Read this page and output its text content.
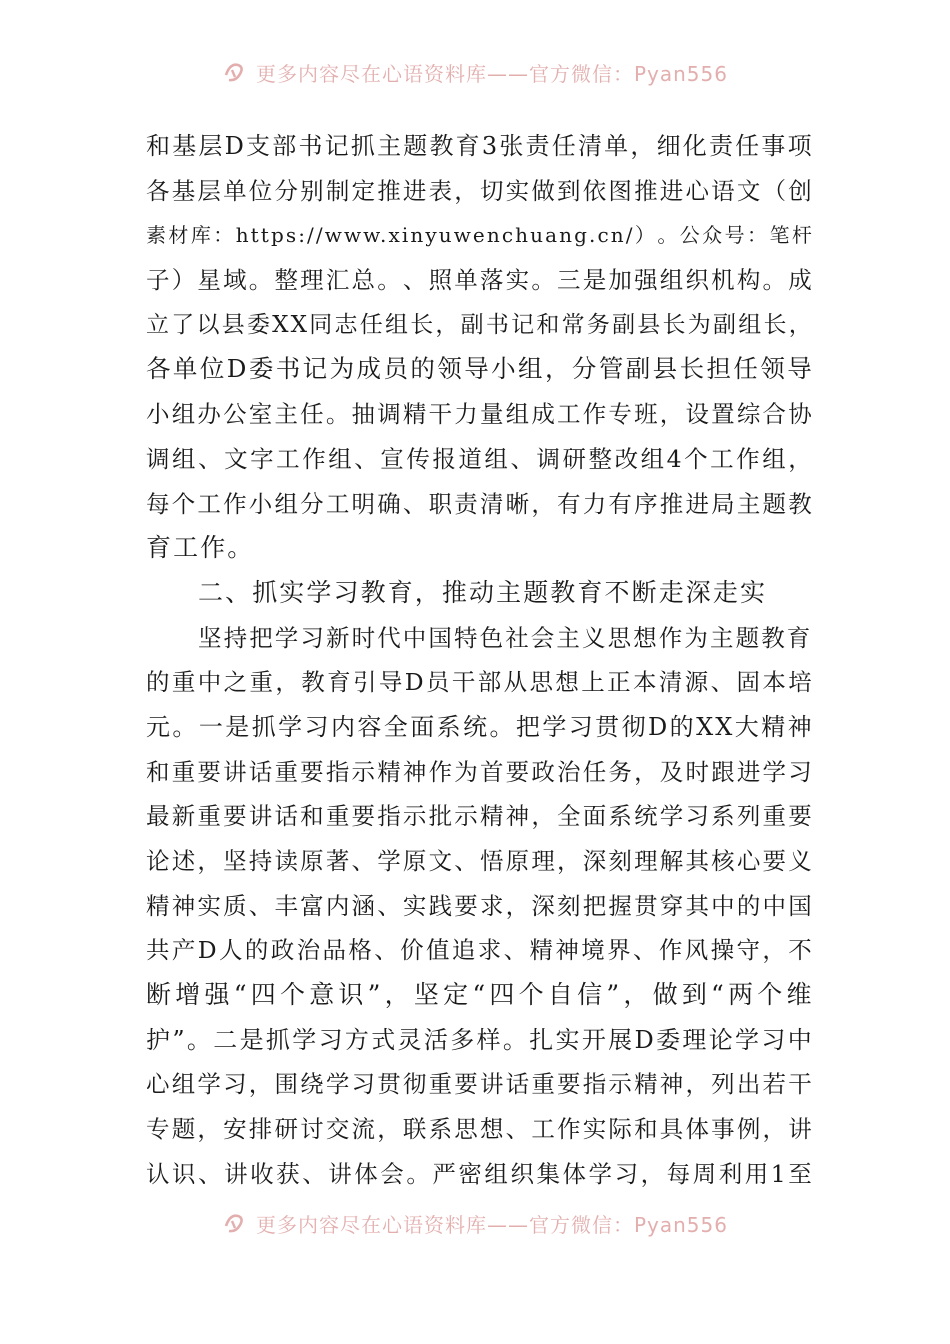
更多内容尽在心语资料库——官方微信：Pyan556
和 基 层 D 支 部 书 记 抓 主 题 教 育 3 张 责 任 清 单 ， 细 化 责 任 事 项
各 基 层 单 位 分 别 制 定 推 进 表 ， 切 实 做 到 依 图 推 进 心 语 文 （ 创
素 材 库 ： https://www.xinyuwenchuang.cn/ ） 。 公 众 号 ： 笔 杆
子 ） 星 域 。 整 理 汇 总 。 、 照 单 落 实 。 三 是 加 强 组 织 机 构 。 成
立 了 以 县 委 XX 同 志 任 组 长 ， 副 书 记 和 常 务 副 县 长 为 副 组 长 ，
各 单 位 D 委 书 记 为 成 员 的 领 导 小 组 ， 分 管 副 县 长 担 任 领 导
小 组 办 公 室 主 任 。 抽 调 精 干 力 量 组 成 工 作 专 班 ， 设 置 综 合 协
调 组 、 文 字 工 作 组 、 宣 传 报 道 组 、 调 研 整 改 组 4 个 工 作 组 ，
每 个 工 作 小 组 分 工 明 确 、 职 责 清 晰 ， 有 力 有 序 推 进 局 主 题 教
育工作。
二、抓实学习教育，推动主题教育不断走深走实
坚持把学习新时代中国特色社会主义思想作为主题教育
的 重 中 之 重 ， 教 育 引 导 D 员 干 部 从 思 想 上 正 本 清 源 、 固 本 培
元 。 一 是 抓 学 习 内 容 全 面 系 统 。 把 学 习 贯 彻 D 的 XX 大 精 神
和 重 要 讲 话 重 要 指 示 精 神 作 为 首 要 政 治 任 务 ， 及 时 跟 进 学 习
最 新 重 要 讲 话 和 重 要 指 示 批 示 精 神 ， 全 面 系 统 学 习 系 列 重 要
论 述 ， 坚 持 读 原 著 、 学 原 文 、 悟 原 理 ， 深 刻 理 解 其 核 心 要 义
精 神 实 质 、 丰 富 内 涵 、 实 践 要 求 ， 深 刻 把 握 贯 穿 其 中 的 中 国
共 产 D 人 的 政 治 品 格 、 价 值 追 求 、 精 神 境 界 、 作 风 操 守 ， 不
断 增 强 “ 四 个 意 识 ” ， 坚 定 “ 四 个 自 信 ” ， 做 到 “ 两 个 维
护 ” 。 二 是 抓 学 习 方 式 灵 活 多 样 。 扎 实 开 展 D 委 理 论 学 习 中
心 组 学 习 ， 围 绕 学 习 贯 彻 重 要 讲 话 重 要 指 示 精 神 ， 列 出 若 干
专 题 ， 安 排 研 讨 交 流 ， 联 系 思 想 、 工 作 实 际 和 具 体 事 例 ， 讲
认 识 、 讲 收 获 、 讲 体 会 。 严 密 组 织 集 体 学 习 ， 每 周 利 用 1 至
更多内容尽在心语资料库——官方微信：Pyan556
